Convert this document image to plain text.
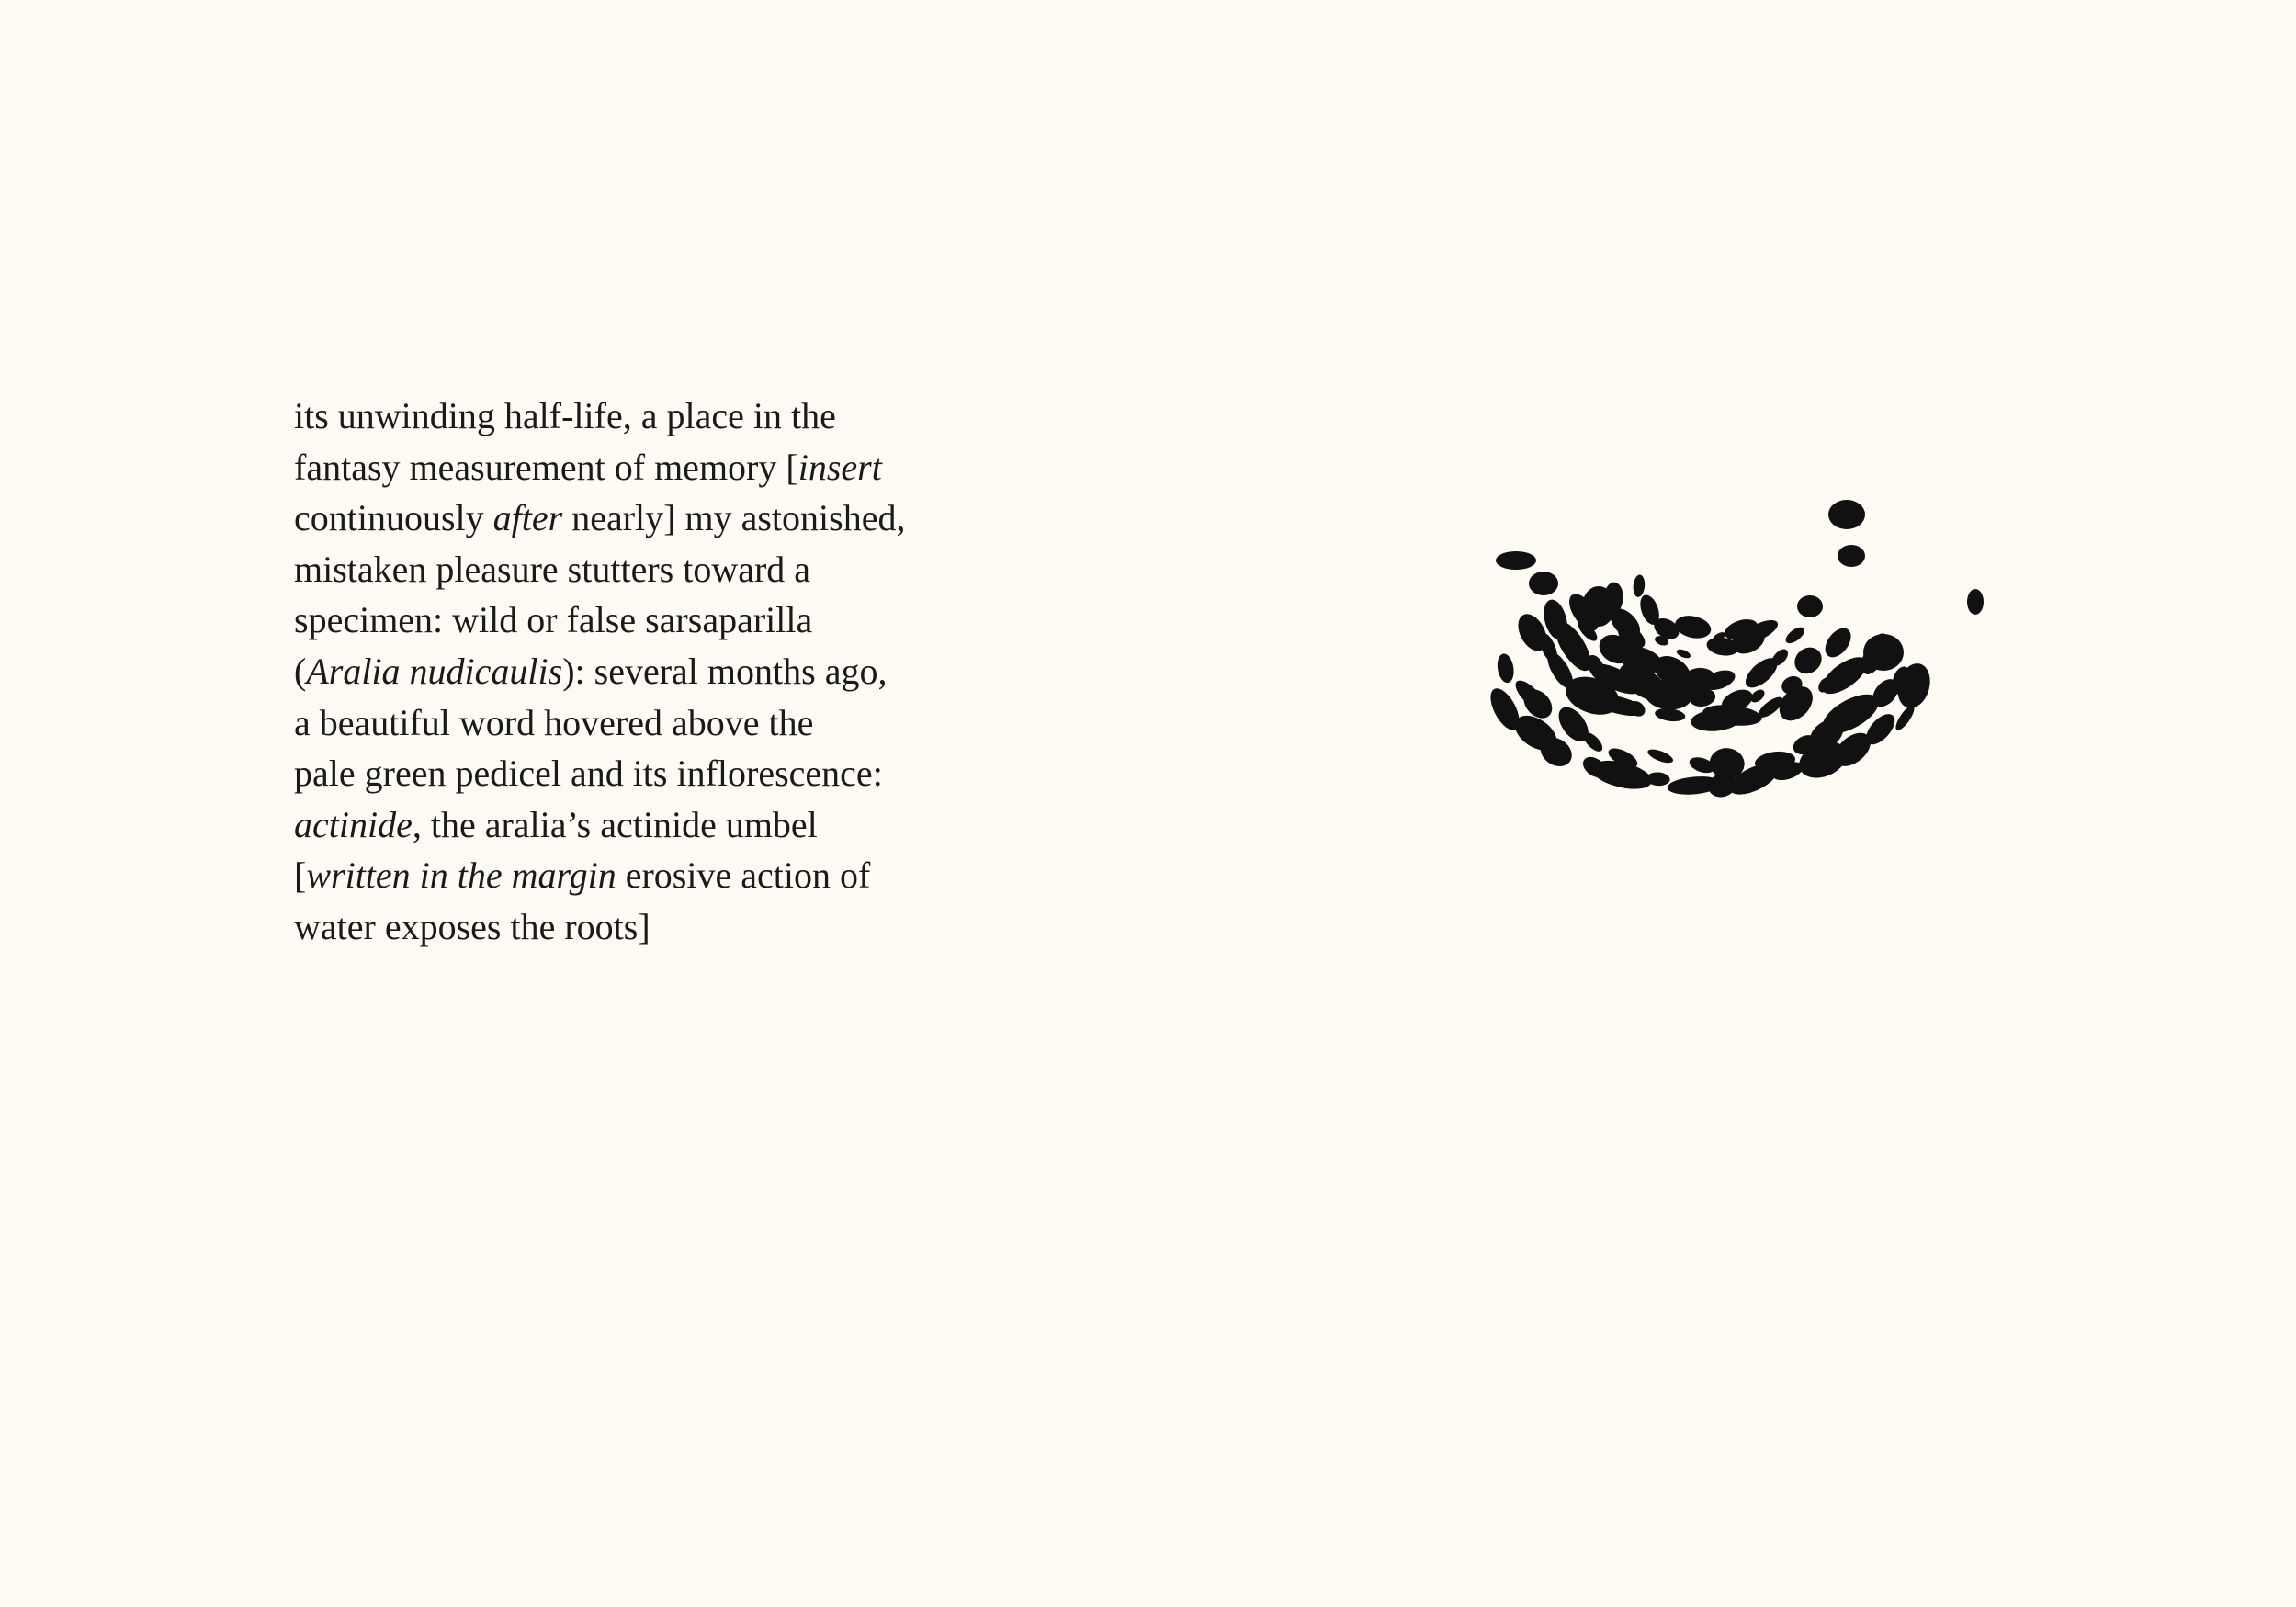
its unwinding half-life, a place in the
fantasy measurement of memory [insert
continuously after nearly] my astonished,
mistaken pleasure stutters toward a
specimen: wild or false sarsaparilla
(Aralia nudicaulis): several months ago,
a beautiful word hovered above the
pale green pedicel and its inflorescence:
actinide, the aralia’s actinide umbel
[written in the margin erosive action of
water exposes the roots]
